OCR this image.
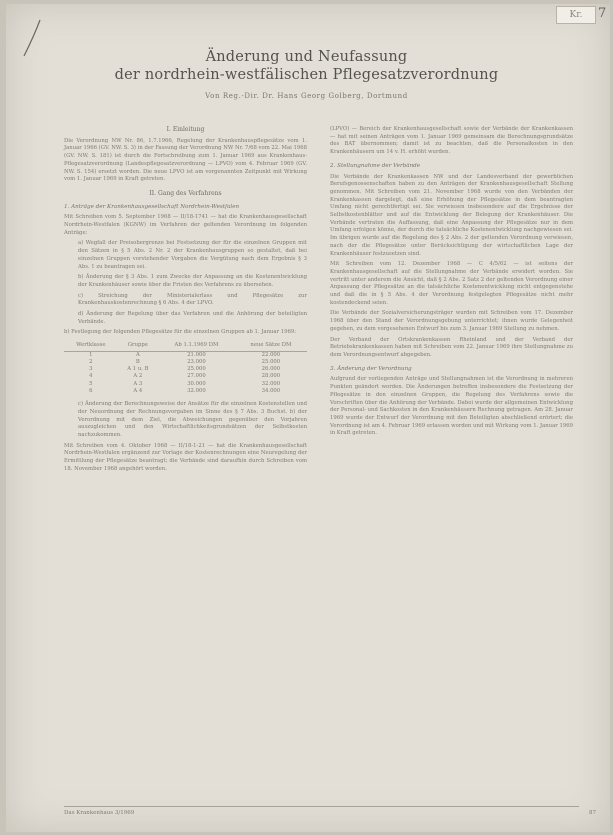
Kr.	7
Änderung und Neufassung
der nordrhein-westfälischen Pflegesatzverordnung
Von Reg.-Dir. Dr. Hans Georg Golberg, Dortmund
I. Einleitung

Die Verordnung NW Nr. 86, 1.7.1966, Regelung der Krankenhauspflegesätze vom 1. Januar 1966 (GV. NW. S. 3) in der Fassung der Verordnung NW Nr. 7/68 vom 22. Mai 1968 (GV. NW. S. 181) ist durch die Fortschreibung zum 1. Januar 1969 aus Krankenhaus-Pflegesatzverordnung (Landespflegesatzverordnung — LPVO) vom 4. Februar 1969 (GV. NW. S. 154) ersetzt worden. Die neue LPVO ist am vorgenannten Zeitpunkt mit Wirkung vom 1. Januar 1969 in Kraft getreten.

II. Gang des Verfahrens
1. Anträge der Krankenhausgesellschaft Nordrhein-Westfalen

Mit Schreiben vom 5. September 1968 — II/18-1741 — hat die Krankenhausgesellschaft Nordrhein-Westfalen (KGNW) im Verfahren der geltenden Verordnung im folgenden Anträge:

a) Wegfall der Preisobergrenze bei Festsetzung der für die einzelnen Gruppen mit den Sätzen in § 5 Abs. 2 Nr. 2 der Krankenhausgruppen so gestaltet, daß bei einzelnen Gruppen vorstehender Vorgaben die Vergütung nach dem Ergebnis § 3 Abs. 1 zu beantragen sei.

b) Änderung der § 3 Abs. 1 zum Zwecke der Anpassung an die Kostenentwicklung der Krankenhäuser sowie über die Fristen des Verfahrens zu übersehen.

c) Streichung der Ministerialerlass und Pflegesätze zur Krankenhauskostenrechnung § 6 Abs. 4 der LPVO.

d) Änderung der Regelung über das Verfahren und die Anhörung der beteiligten Verbände.

b) Festlegung der folgenden Pflegesätze für die einzelnen Gruppen ab 1. Januar 1969:

Wertklasse	Gruppe	Ab 1.1.1969 DM	neue Sätze DM
1	A	21.000	22.000
2	B	23.000	25.000
3	A 1 u. B	25.000	26.000
4	A 2	27.000	28.000
5	A 3	30.000	32.000
6	A 4	32.000	34.000

c) Änderung der Berechnungsweise der Ansätze für die einzelnen Kostenstellen und der Neuordnung der Rechnungsvorgaben im Sinne des § 7 Abs. 3 Buchst. b) der Verordnung mit dem Ziel, die Abweichungen gegenüber den Vorjahren auszugleichen und den Wirtschaftlichkeitsgrundsätzen der Selbstkosten nachzukommen.

Mit Schreiben vom 4. Oktober 1968 — II/18-1-21 — hat die Krankenhausgesellschaft Nordrhein-Westfalen ergänzend zur Vorlage der Kostenrechnungen eine Neuregelung der Ermittlung der Pflegesätze beantragt; die Verbände sind daraufhin durch Schreiben vom 18. November 1968 angehört worden.

(LPVO) — Bereich der Krankenhausgesellschaft sowie der Verbände der Krankenkassen — hat mit seinen Anträgen vom 1. Januar 1969 gemeinsam die Berechnungsgrundsätze des BAT übernommen; damit ist zu beachten, daß die Personalkosten in den Krankenhäusern um 14 v. H. erhöht wurden.

2. Stellungnahme der Verbände

Die Verbände der Krankenkassen NW und der Landesverband der gewerblichen Berufsgenossenschaften haben zu den Anträgen der Krankenhausgesellschaft Stellung genommen. Mit Schreiben vom 21. November 1968 wurde von den Verbänden der Krankenkassen dargelegt, daß eine Erhöhung der Pflegesätze in dem beantragten Umfang nicht gerechtfertigt sei. Sie verwiesen insbesondere auf die Ergebnisse der Selbstkostenblätter und auf die Entwicklung der Belegung der Krankenhäuser. Die Verbände vertraten die Auffassung, daß eine Anpassung der Pflegesätze nur in dem Umfang erfolgen könne, der durch die tatsächliche Kostenentwicklung nachgewiesen sei. Im übrigen wurde auf die Regelung des § 2 Abs. 2 der geltenden Verordnung verwiesen, nach der die Pflegesätze unter Berücksichtigung der wirtschaftlichen Lage der Krankenhäuser festzusetzen sind.

Mit Schreiben vom 12. Dezember 1968 — C 4/5/62 — ist seitens der Krankenhausgesellschaft auf die Stellungnahme der Verbände erwidert worden. Sie vertritt unter anderem die Ansicht, daß § 2 Abs. 2 Satz 2 der geltenden Verordnung einer Anpassung der Pflegesätze an die tatsächliche Kostenentwicklung nicht entgegenstehe und daß die in § 5 Abs. 4 der Verordnung festgelegten Pflegesätze nicht mehr kostendeckend seien.

Die Verbände der Sozialversicherungsträger wurden mit Schreiben vom 17. Dezember 1968 über den Stand der Verordnungsgebung unterrichtet; ihnen wurde Gelegenheit gegeben, zu dem vorgesehenen Entwurf bis zum 3. Januar 1969 Stellung zu nehmen.

Der Verband der Ortskrankenkassen Rheinland und der Verband der Betriebskrankenkassen haben mit Schreiben vom 22. Januar 1969 ihre Stellungnahme zu dem Verordnungsentwurf abgegeben.

3. Änderung der Verordnung

Aufgrund der vorliegenden Anträge und Stellungnahmen ist die Verordnung in mehreren Punkten geändert worden. Die Änderungen betreffen insbesondere die Festsetzung der Pflegesätze in den einzelnen Gruppen, die Regelung des Verfahrens sowie die Vorschriften über die Anhörung der Verbände. Dabei wurde der allgemeinen Entwicklung der Personal- und Sachkosten in den Krankenhäusern Rechnung getragen. Am 28. Januar 1969 wurde der Entwurf der Verordnung mit den Beteiligten abschließend erörtert; die Verordnung ist am 4. Februar 1969 erlassen worden und mit Wirkung vom 1. Januar 1969 in Kraft getreten.

Das Krankenhaus 3/1969	87
